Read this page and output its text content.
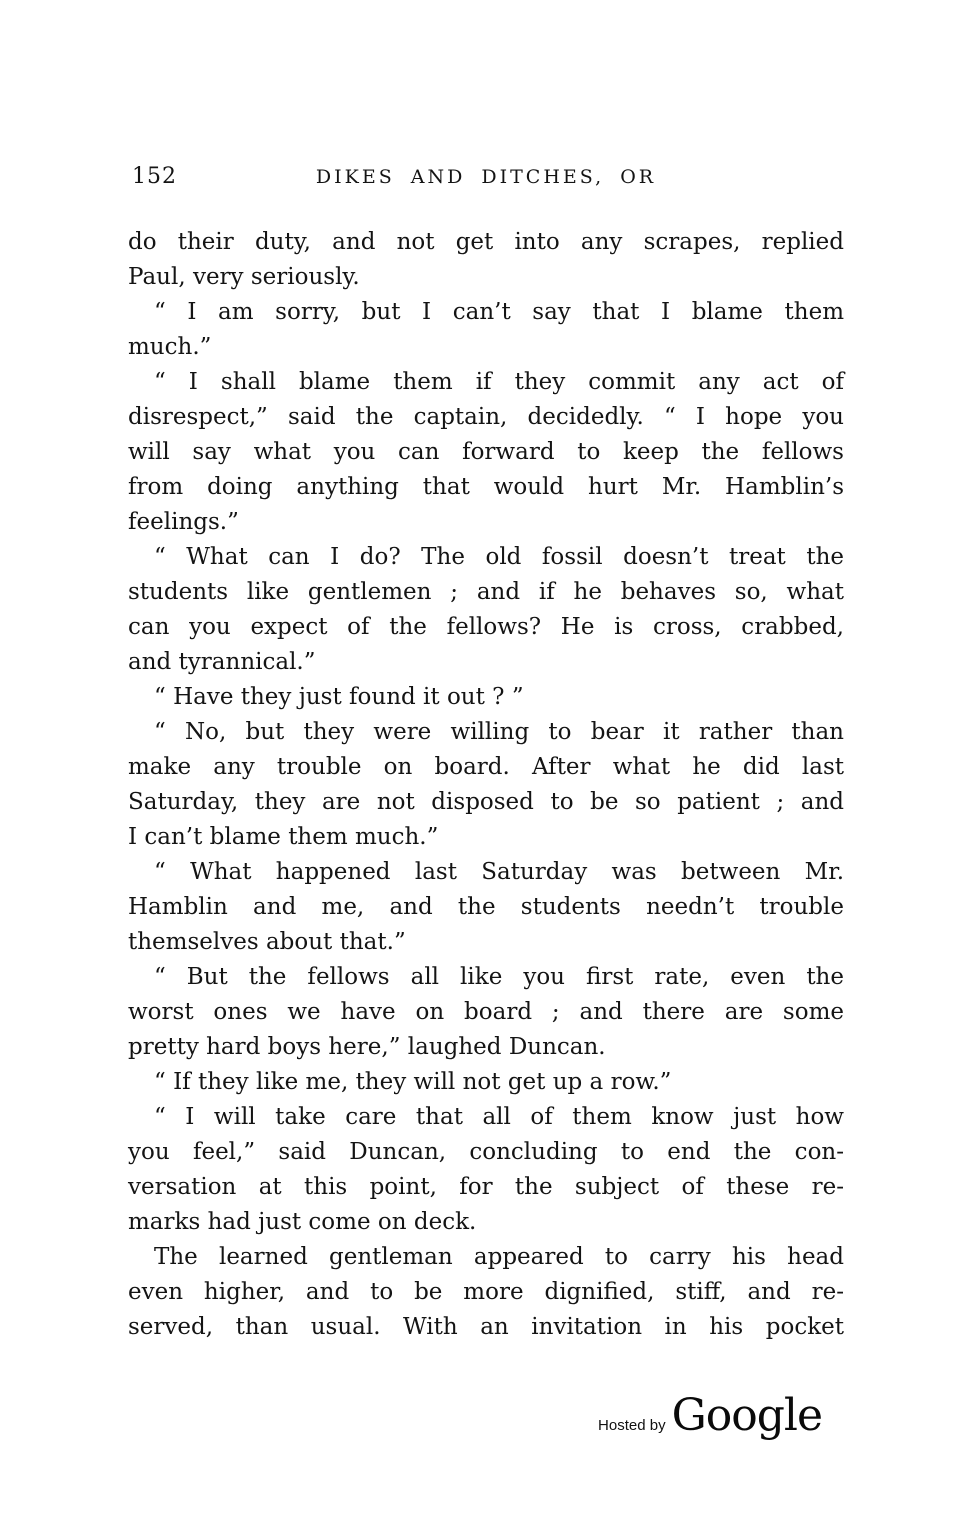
152	DIKES AND DITCHES, OR
do their duty, and not get into any scrapes, replied
Paul, very seriously.
“ I am sorry, but I can’t say that I blame them
much.”
“ I shall blame them if they commit any act of
disrespect,” said the captain, decidedly. “ I hope you
will say what you can forward to keep the fellows
from doing anything that would hurt Mr. Hamblin’s
feelings.”
“ What can I do? The old fossil doesn’t treat the
students like gentlemen ; and if he behaves so, what
can you expect of the fellows? He is cross, crabbed,
and tyrannical.”
“ Have they just found it out ? ”
“ No, but they were willing to bear it rather than
make any trouble on board. After what he did last
Saturday, they are not disposed to be so patient ; and
I can’t blame them much.”
“ What happened last Saturday was between Mr.
Hamblin and me, and the students needn’t trouble
themselves about that.”
“ But the fellows all like you first rate, even the
worst ones we have on board ; and there are some
pretty hard boys here,” laughed Duncan.
“ If they like me, they will not get up a row.”
“ I will take care that all of them know just how
you feel,” said Duncan, concluding to end the con-
versation at this point, for the subject of these re-
marks had just come on deck.
The learned gentleman appeared to carry his head
even higher, and to be more dignified, stiff, and re-
served, than usual. With an invitation in his pocket
Hosted by Google
